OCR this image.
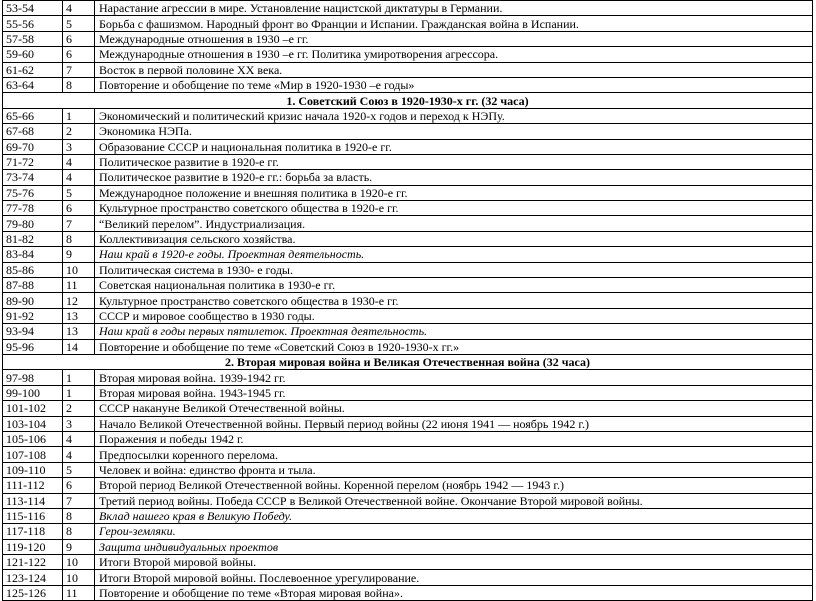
53-54	4	Нарастание агрессии в мире. Установление нацистской диктатуры в Германии.
55-56	5	Борьба с фашизмом. Народный фронт во Франции и Испании. Гражданская война в Испании.
57-58	6	Международные отношения в 1930 –е гг.
59-60	6	Международные отношения в 1930 –е гг. Политика умиротворения агрессора.
61-62	7	Восток в первой половине XX века.
63-64	8	Повторение и обобщение по теме «Мир в 1920-1930 –е годы»
1. Советский Союз в 1920-1930-х гг. (32 часа)		
65-66	1	Экономический и политический кризис начала 1920-х годов и переход к НЭПу.
67-68	2	Экономика НЭПа.
69-70	3	Образование СССР и национальная политика в 1920-е гг.
71-72	4	Политическое развитие в 1920-е гг.
73-74	4	Политическое развитие в 1920-е гг.: борьба за власть.
75-76	5	Международное положение и внешняя политика в 1920-е гг.
77-78	6	Культурное пространство советского общества в 1920-е гг.
79-80	7	“Великий перелом”. Индустриализация.
81-82	8	Коллективизация сельского хозяйства.
83-84	9	Наш край в 1920-е годы. Проектная деятельность.
85-86	10	Политическая система в 1930- е годы.
87-88	11	Советская национальная политика в 1930-е гг.
89-90	12	Культурное пространство советского общества в 1930-е гг.
91-92	13	СССР и мировое сообщество в 1930 годы.
93-94	13	Наш край в годы первых пятилеток. Проектная деятельность.
95-96	14	Повторение и обобщение по теме «Советский Союз в 1920-1930-х гг.»
2. Вторая мировая война и Великая Отечественная война (32 часа)		
97-98	1	Вторая мировая война. 1939-1942 гг.
99-100	1	Вторая мировая война. 1943-1945 гг.
101-102	2	СССР накануне Великой Отечественной войны.
103-104	3	Начало Великой Отечественной войны. Первый период войны (22 июня 1941 — ноябрь 1942 г.)
105-106	4	Поражения и победы 1942 г.
107-108	4	Предпосылки коренного перелома.
109-110	5	Человек и война: единство фронта и тыла.
111-112	6	Второй период Великой Отечественной войны. Коренной перелом (ноябрь 1942 — 1943 г.)
113-114	7	Третий период войны. Победа СССР в Великой Отечественной войне. Окончание Второй мировой войны.
115-116	8	Вклад нашего края в Великую Победу.
117-118	8	Герои-земляки.
119-120	9	Защита индивидуальных проектов
121-122	10	Итоги Второй мировой войны.
123-124	10	Итоги Второй мировой войны. Послевоенное урегулирование.
125-126	11	Повторение и обобщение по теме «Вторая мировая война».
